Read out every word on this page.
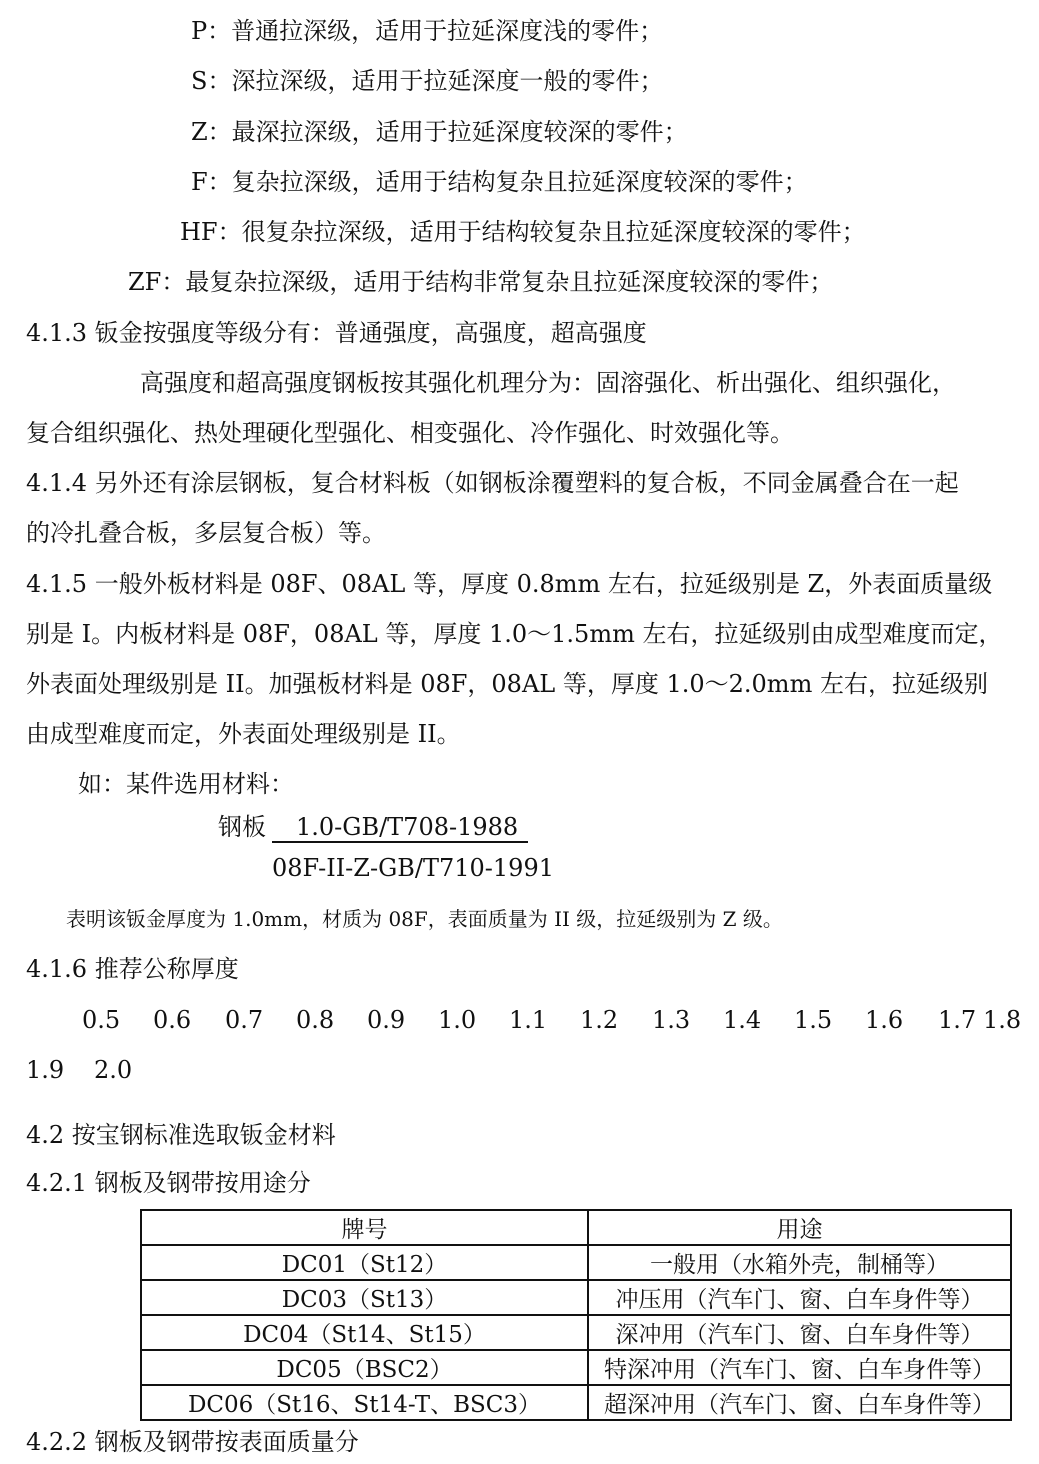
P：普通拉深级，适用于拉延深度浅的零件；
S：深拉深级，适用于拉延深度一般的零件；
Z：最深拉深级，适用于拉延深度较深的零件；
F：复杂拉深级，适用于结构复杂且拉延深度较深的零件；
HF：很复杂拉深级，适用于结构较复杂且拉延深度较深的零件；
ZF：最复杂拉深级，适用于结构非常复杂且拉延深度较深的零件；
4.1.3 钣金按强度等级分有：普通强度，高强度，超高强度
高强度和超高强度钢板按其强化机理分为：固溶强化、析出强化、组织强化，
复合组织强化、热处理硬化型强化、相变强化、冷作强化、时效强化等。
4.1.4 另外还有涂层钢板，复合材料板（如钢板涂覆塑料的复合板，不同金属叠合在一起
的冷扎叠合板，多层复合板）等。
4.1.5 一般外板材料是 08F、08AL 等，厚度 0.8mm 左右，拉延级别是 Z，外表面质量级
别是 I。内板材料是 08F，08AL 等，厚度 1.0～1.5mm 左右，拉延级别由成型难度而定，
外表面处理级别是 II。加强板材料是 08F，08AL 等，厚度 1.0～2.0mm 左右，拉延级别
由成型难度而定，外表面处理级别是 II。
如：某件选用材料：
钢板 1.0-GB/T708-1988
08F-II-Z-GB/T710-1991
表明该钣金厚度为 1.0mm，材质为 08F，表面质量为 II 级，拉延级别为 Z 级。
4.1.6 推荐公称厚度
0.5 0.6 0.7 0.8 0.9 1.0 1.1 1.2 1.3 1.4 1.5 1.6 1.7 1.8
1.9 2.0
4.2 按宝钢标准选取钣金材料
4.2.1 钢板及钢带按用途分
牌号	用途
DC01（St12）	一般用（水箱外壳，制桶等）
DC03（St13）	冲压用（汽车门、窗、白车身件等）
DC04（St14、St15）	深冲用（汽车门、窗、白车身件等）
DC05（BSC2）	特深冲用（汽车门、窗、白车身件等）
DC06（St16、St14-T、BSC3）	超深冲用（汽车门、窗、白车身件等）
4.2.2 钢板及钢带按表面质量分
